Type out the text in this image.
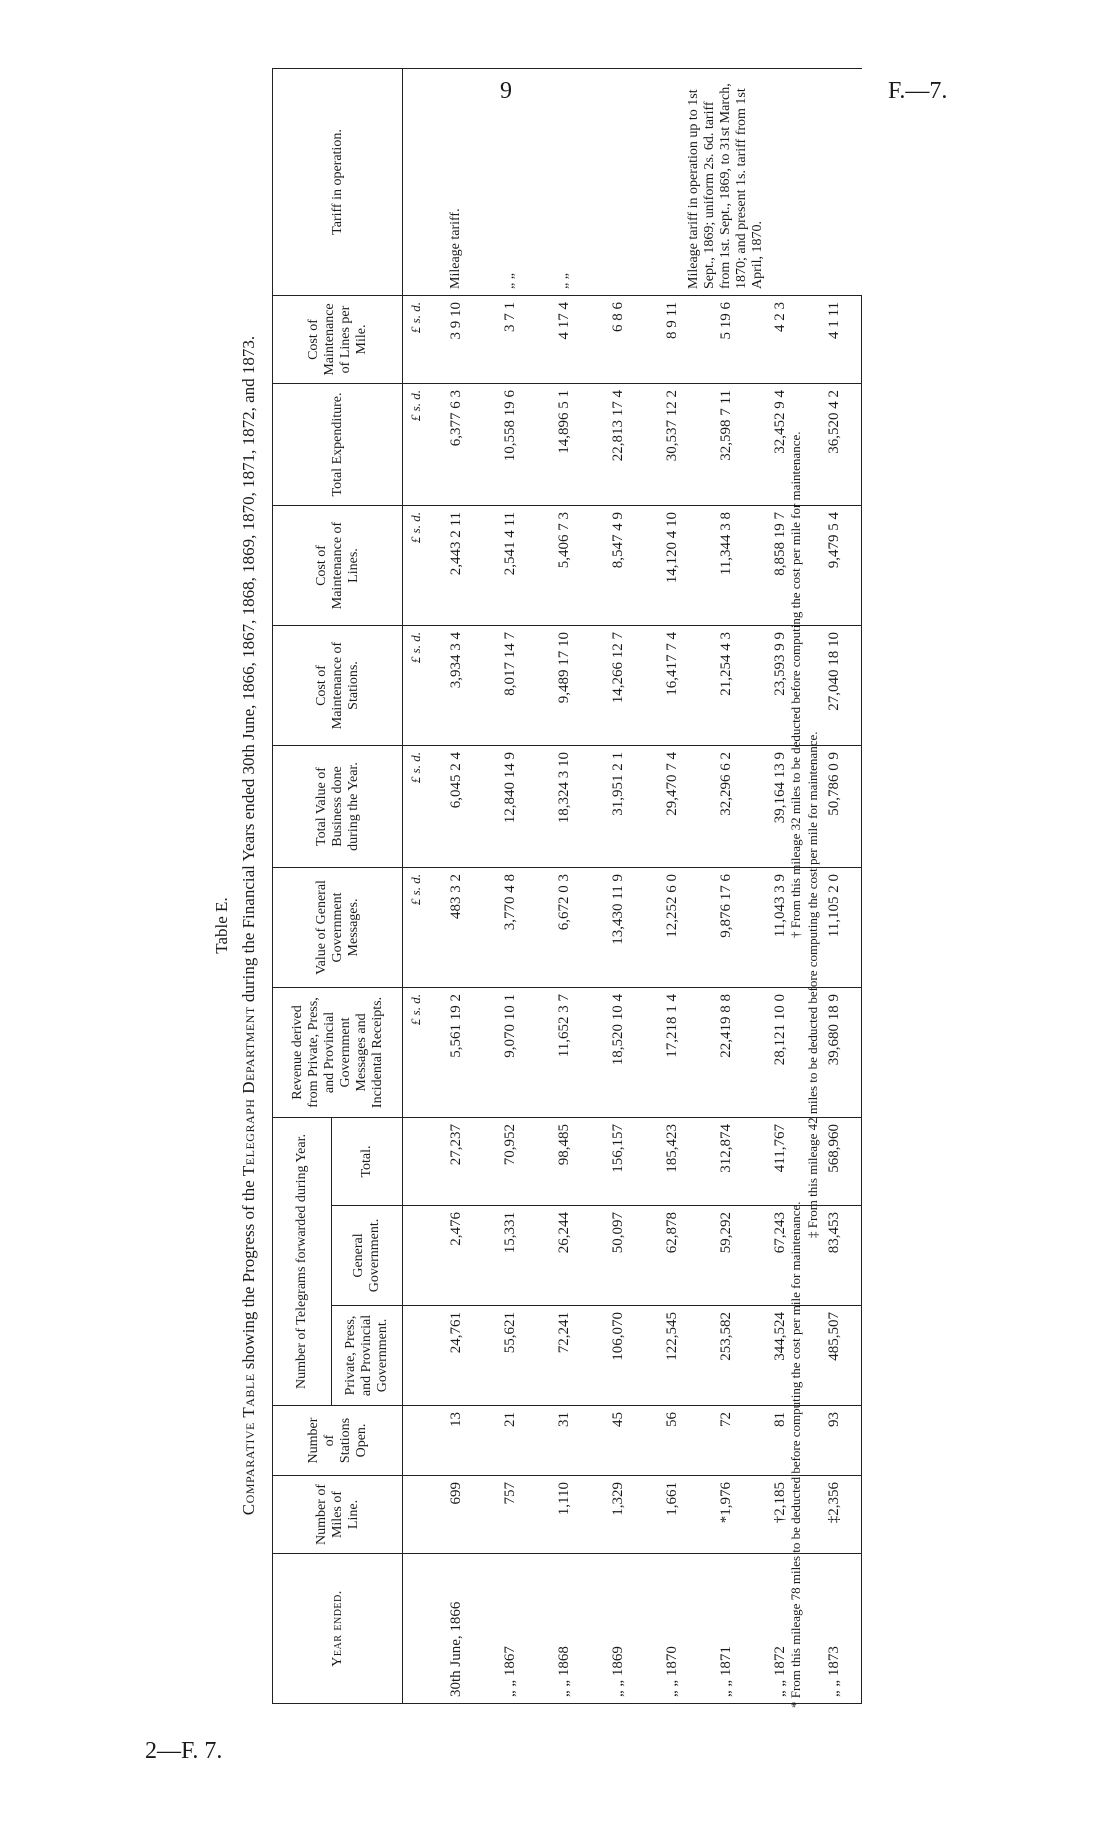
9	F.—7.
2—F. 7.
Table E.
Comparative Table showing the Progress of the Telegraph Department during the Financial Years ended 30th June, 1866, 1867, 1868, 1869, 1870, 1871, 1872, and 1873.
Year ended.	Number of Miles of Line.	Number of Stations Open.	Number of Telegrams forwarded during Year.			Revenue derived from Private, Press, and Provincial Government Messages and Incidental Receipts.	Value of General Government Messages.	Total Value of Business done during the Year.	Cost of Maintenance of Stations.	Cost of Maintenance of Lines.	Total Expenditure.	Cost of Maintenance of Lines per Mile.	Tariff in operation.
			Private, Press, and Provincial Government.	General Government.	Total.								
						£ s. d.	£ s. d.	£ s. d.	£ s. d.	£ s. d.	£ s. d.	£ s. d.	
30th June, 1866	699	13	24,761	2,476	27,237	5,561 19 2	483 3 2	6,045 2 4	3,934 3 4	2,443 2 11	6,377 6 3	3 9 10	Mileage tariff.
„ „ 1867	757	21	55,621	15,331	70,952	9,070 10 1	3,770 4 8	12,840 14 9	8,017 14 7	2,541 4 11	10,558 19 6	3 7 1	„ „
„ „ 1868	1,110	31	72,241	26,244	98,485	11,652 3 7	6,672 0 3	18,324 3 10	9,489 17 10	5,406 7 3	14,896 5 1	4 17 4	„ „
„ „ 1869	1,329	45	106,070	50,097	156,157	18,520 10 4	13,430 11 9	31,951 2 1	14,266 12 7	8,547 4 9	22,813 17 4	6 8 6	Mileage tariff in operation up to 1st Sept., 1869; uniform 2s. 6d. tariff from 1st. Sept., 1869, to 31st March, 1870; and present 1s. tariff from 1st April, 1870.
„ „ 1870	1,661	56	122,545	62,878	185,423	17,218 1 4	12,252 6 0	29,470 7 4	16,417 7 4	14,120 4 10	30,537 12 2	8 9 11	
„ „ 1871	*1,976	72	253,582	59,292	312,874	22,419 8 8	9,876 17 6	32,296 6 2	21,254 4 3	11,344 3 8	32,598 7 11	5 19 6	
„ „ 1872	†2,185	81	344,524	67,243	411,767	28,121 10 0	11,043 3 9	39,164 13 9	23,593 9 9	8,858 19 7	32,452 9 4	4 2 3	
„ „ 1873	‡2,356	93	485,507	83,453	568,960	39,680 18 9	11,105 2 0	50,786 0 9	27,040 18 10	9,479 5 4	36,520 4 2	4 1 11	
* From this mileage 78 miles to be deducted before computing the cost per mile for maintenance.
† From this mileage 32 miles to be deducted before computing the cost per mile for maintenance.
‡ From this mileage 42 miles to be deducted before computing the cost per mile for maintenance.
